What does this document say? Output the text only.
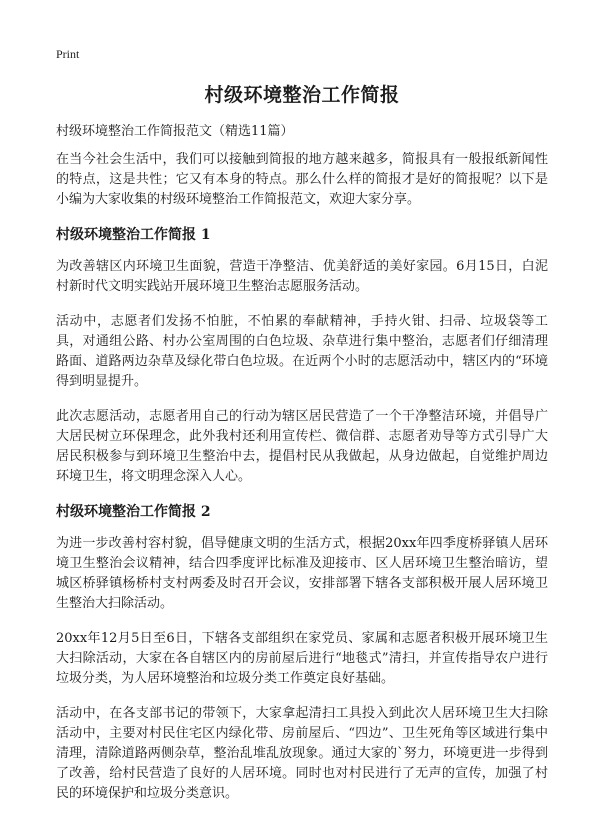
Print
村级环境整治工作简报

村级环境整治工作简报范文（精选11篇）

在当今社会生活中，我们可以接触到简报的地方越来越多，简报具有一般报纸新闻性的特点，这是共性；它又有本身的特点。那么什么样的简报才是好的简报呢？以下是小编为大家收集的村级环境整治工作简报范文，欢迎大家分享。

村级环境整治工作简报 1

为改善辖区内环境卫生面貌，营造干净整洁、优美舒适的美好家园。6月15日，白泥村新时代文明实践站开展环境卫生整治志愿服务活动。

活动中，志愿者们发扬不怕脏，不怕累的奉献精神，手持火钳、扫帚、垃圾袋等工具，对通组公路、村办公室周围的白色垃圾、杂草进行集中整治，志愿者们仔细清理路面、道路两边杂草及绿化带白色垃圾。在近两个小时的志愿活动中，辖区内的“环境得到明显提升。

此次志愿活动，志愿者用自己的行动为辖区居民营造了一个干净整洁环境，并倡导广大居民树立环保理念，此外我村还利用宣传栏、微信群、志愿者劝导等方式引导广大居民积极参与到环境卫生整治中去，提倡村民从我做起，从身边做起，自觉维护周边环境卫生，将文明理念深入人心。

村级环境整治工作简报 2

为进一步改善村容村貌，倡导健康文明的生活方式，根据20xx年四季度桥驿镇人居环境卫生整治会议精神，结合四季度评比标准及迎接市、区人居环境卫生整治暗访，望城区桥驿镇杨桥村支村两委及时召开会议，安排部署下辖各支部积极开展人居环境卫生整治大扫除活动。

20xx年12月5日至6日，下辖各支部组织在家党员、家属和志愿者积极开展环境卫生大扫除活动，大家在各自辖区内的房前屋后进行“地毯式”清扫，并宣传指导农户进行垃圾分类，为人居环境整治和垃圾分类工作奠定良好基础。

活动中，在各支部书记的带领下，大家拿起清扫工具投入到此次人居环境卫生大扫除活动中，主要对村民住宅区内绿化带、房前屋后、“四边”、卫生死角等区域进行集中清理，清除道路两侧杂草，整治乱堆乱放现象。通过大家的`努力，环境更进一步得到了改善，给村民营造了良好的人居环境。同时也对村民进行了无声的宣传，加强了村民的环境保护和垃圾分类意识。
